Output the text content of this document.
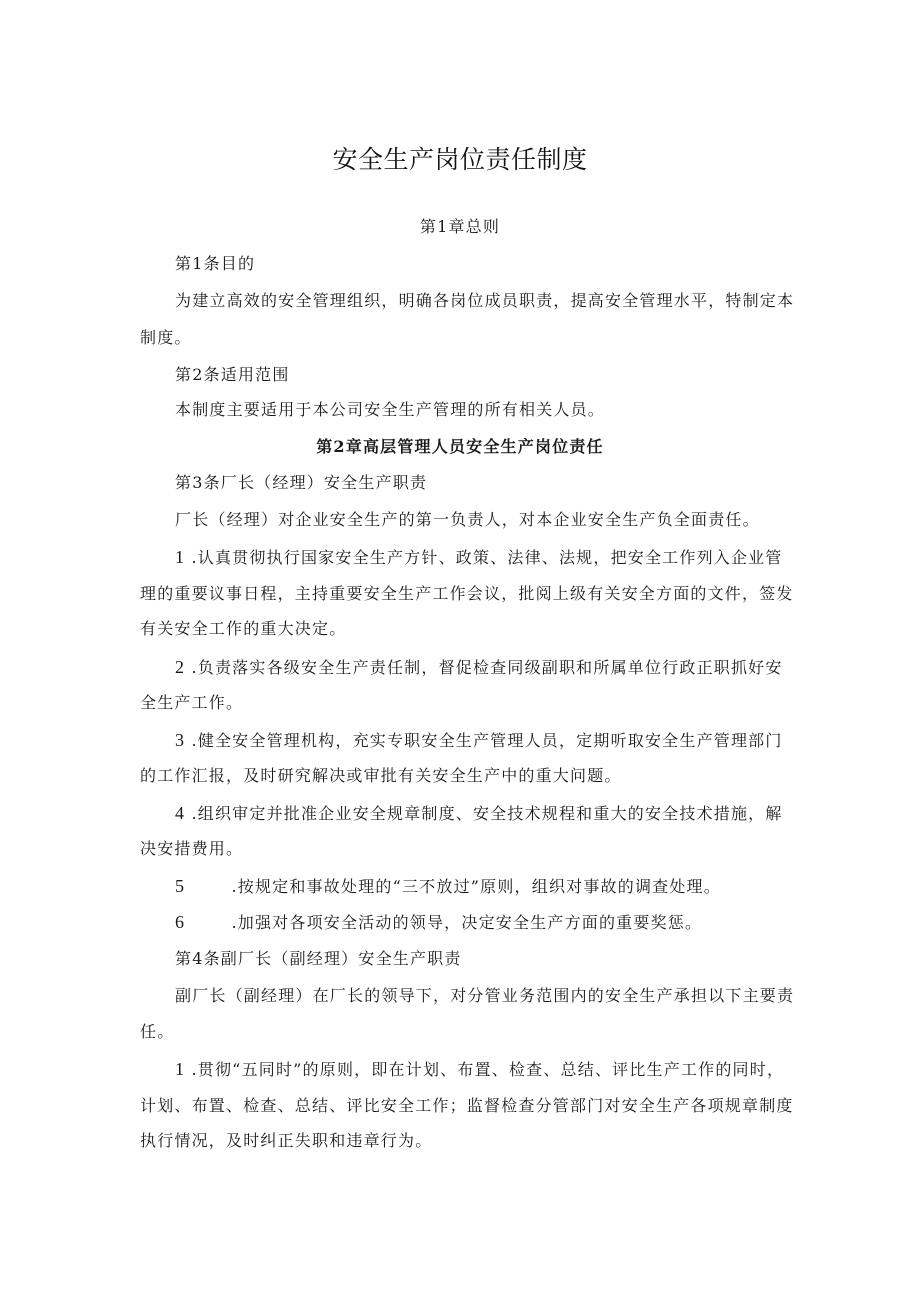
安全生产岗位责任制度
第1章总则
第1条目的
为建立高效的安全管理组织，明确各岗位成员职责，提高安全管理水平，特制定本
制度。
第2条适用范围
本制度主要适用于本公司安全生产管理的所有相关人员。
第2章高层管理人员安全生产岗位责任
第3条厂长（经理）安全生产职责
厂长（经理）对企业安全生产的第一负责人，对本企业安全生产负全面责任。
1 .认真贯彻执行国家安全生产方针、政策、法律、法规，把安全工作列入企业管
理的重要议事日程，主持重要安全生产工作会议，批阅上级有关安全方面的文件，签发
有关安全工作的重大决定。
2 .负责落实各级安全生产责任制，督促检查同级副职和所属单位行政正职抓好安
全生产工作。
3 .健全安全管理机构，充实专职安全生产管理人员，定期听取安全生产管理部门
的工作汇报，及时研究解决或审批有关安全生产中的重大问题。
4 .组织审定并批准企业安全规章制度、安全技术规程和重大的安全技术措施，解
决安措费用。
5	.按规定和事故处理的“三不放过”原则，组织对事故的调查处理。
6	.加强对各项安全活动的领导，决定安全生产方面的重要奖惩。
第4条副厂长（副经理）安全生产职责
副厂长（副经理）在厂长的领导下，对分管业务范围内的安全生产承担以下主要责
任。
1 .贯彻“五同时”的原则，即在计划、布置、检查、总结、评比生产工作的同时，
计划、布置、检查、总结、评比安全工作；监督检查分管部门对安全生产各项规章制度
执行情况，及时纠正失职和违章行为。
